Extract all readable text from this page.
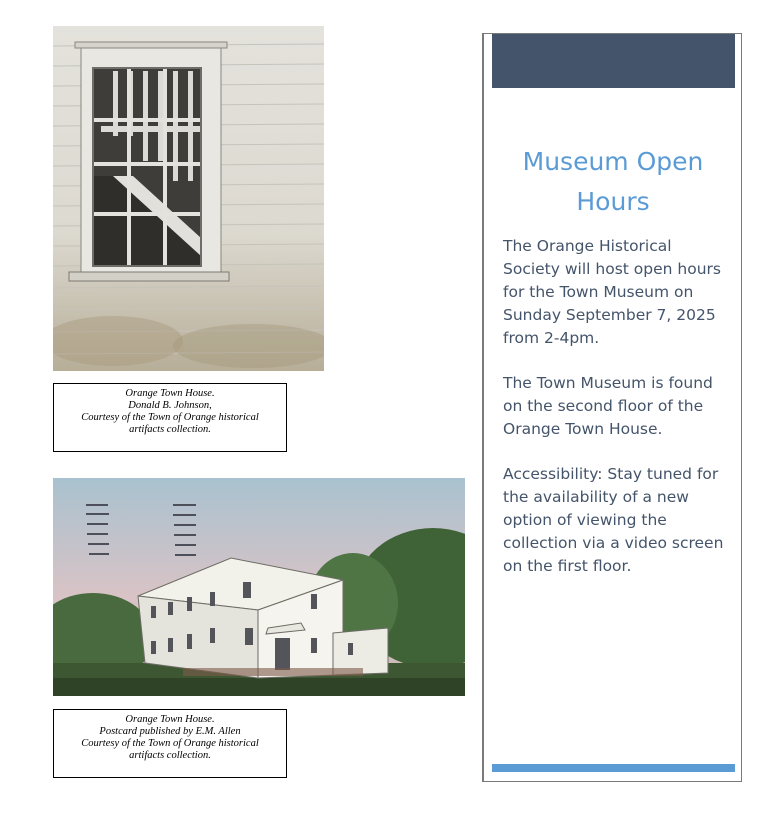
Orange Town House.
Donald B. Johnson,
Courtesy of the Town of Orange historical
artifacts collection.
Orange Town House.
Postcard published by E.M. Allen
Courtesy of the Town of Orange historical
artifacts collection.
Museum Open
Hours
The Orange Historical Society will host open hours for the Town Museum on Sunday September 7, 2025 from 2-4pm.
The Town Museum is found on the second floor of the Orange Town House.
Accessibility: Stay tuned for the availability of a new option of viewing the collection via a video screen on the first floor.
